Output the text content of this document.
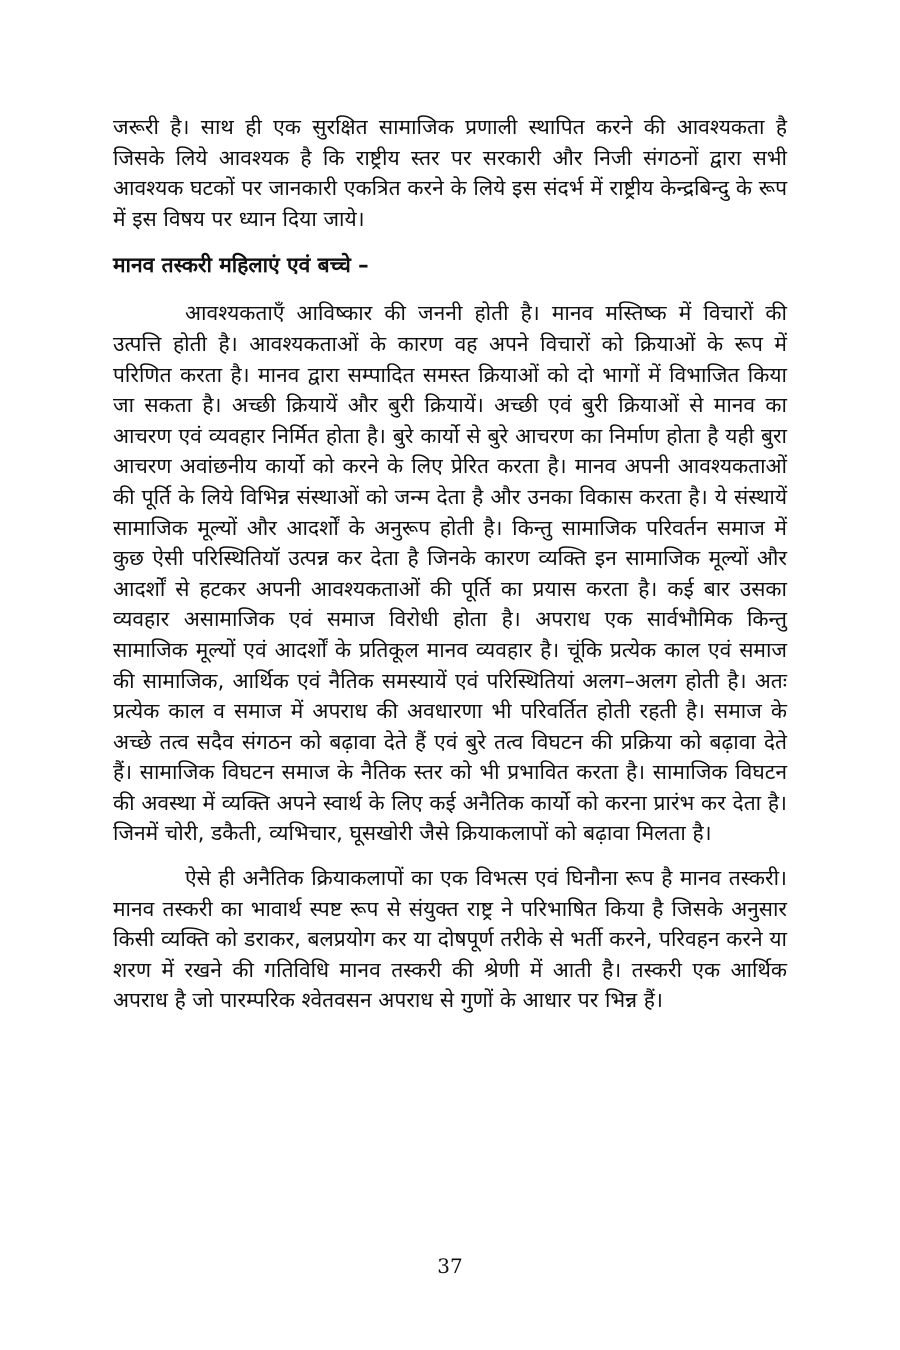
जरूरी है। साथ ही एक सुरक्षित सामाजिक प्रणाली स्थापित करने की आवश्यकता है जिसके लिये आवश्यक है कि राष्ट्रीय स्तर पर सरकारी और निजी संगठनों द्वारा सभी आवश्यक घटकों पर जानकारी एकत्रित करने के लिये इस संदर्भ में राष्ट्रीय केन्द्रबिन्दु के रूप में इस विषय पर ध्यान दिया जाये।

मानव तस्करी महिलाएं एवं बच्चे –

आवश्यकताएँ आविष्कार की जननी होती है। मानव मस्तिष्क में विचारों की उत्पत्ति होती है। आवश्यकताओं के कारण वह अपने विचारों को क्रियाओं के रूप में परिणित करता है। मानव द्वारा सम्पादित समस्त क्रियाओं को दो भागों में विभाजित किया जा सकता है। अच्छी क्रियायें और बुरी क्रियायें। अच्छी एवं बुरी क्रियाओं से मानव का आचरण एवं व्यवहार निर्मित होता है। बुरे कार्यो से बुरे आचरण का निर्माण होता है यही बुरा आचरण अवांछनीय कार्यो को करने के लिए प्रेरित करता है। मानव अपनी आवश्यकताओं की पूर्ति के लिये विभिन्न संस्थाओं को जन्म देता है और उनका विकास करता है। ये संस्थायें सामाजिक मूल्यों और आदर्शों के अनुरूप होती है। किन्तु सामाजिक परिवर्तन समाज में कुछ ऐसी परिस्थितियॉ उत्पन्न कर देता है जिनके कारण व्यक्ति इन सामाजिक मूल्यों और आदर्शों से हटकर अपनी आवश्यकताओं की पूर्ति का प्रयास करता है। कई बार उसका व्यवहार असामाजिक एवं समाज विरोधी होता है। अपराध एक सार्वभौमिक किन्तु सामाजिक मूल्यों एवं आदर्शों के प्रतिकूल मानव व्यवहार है। चूंकि प्रत्येक काल एवं समाज की सामाजिक, आर्थिक एवं नैतिक समस्यायें एवं परिस्थितियां अलग–अलग होती है। अतः प्रत्येक काल व समाज में अपराध की अवधारणा भी परिवर्तित होती रहती है। समाज के अच्छे तत्व सदैव संगठन को बढ़ावा देते हैं एवं बुरे तत्व विघटन की प्रक्रिया को बढ़ावा देते हैं। सामाजिक विघटन समाज के नैतिक स्तर को भी प्रभावित करता है। सामाजिक विघटन की अवस्था में व्यक्ति अपने स्वार्थ के लिए कई अनैतिक कार्यो को करना प्रारंभ कर देता है। जिनमें चोरी, डकैती, व्यभिचार, घूसखोरी जैसे क्रियाकलापों को बढ़ावा मिलता है।

ऐसे ही अनैतिक क्रियाकलापों का एक विभत्स एवं घिनौना रूप है मानव तस्करी। मानव तस्करी का भावार्थ स्पष्ट रूप से संयुक्त राष्ट्र ने परिभाषित किया है जिसके अनुसार किसी व्यक्ति को डराकर, बलप्रयोग कर या दोषपूर्ण तरीके से भर्ती करने, परिवहन करने या शरण में रखने की गतिविधि मानव तस्करी की श्रेणी में आती है। तस्करी एक आर्थिक अपराध है जो पारम्परिक श्वेतवसन अपराध से गुणों के आधार पर भिन्न हैं।

37
